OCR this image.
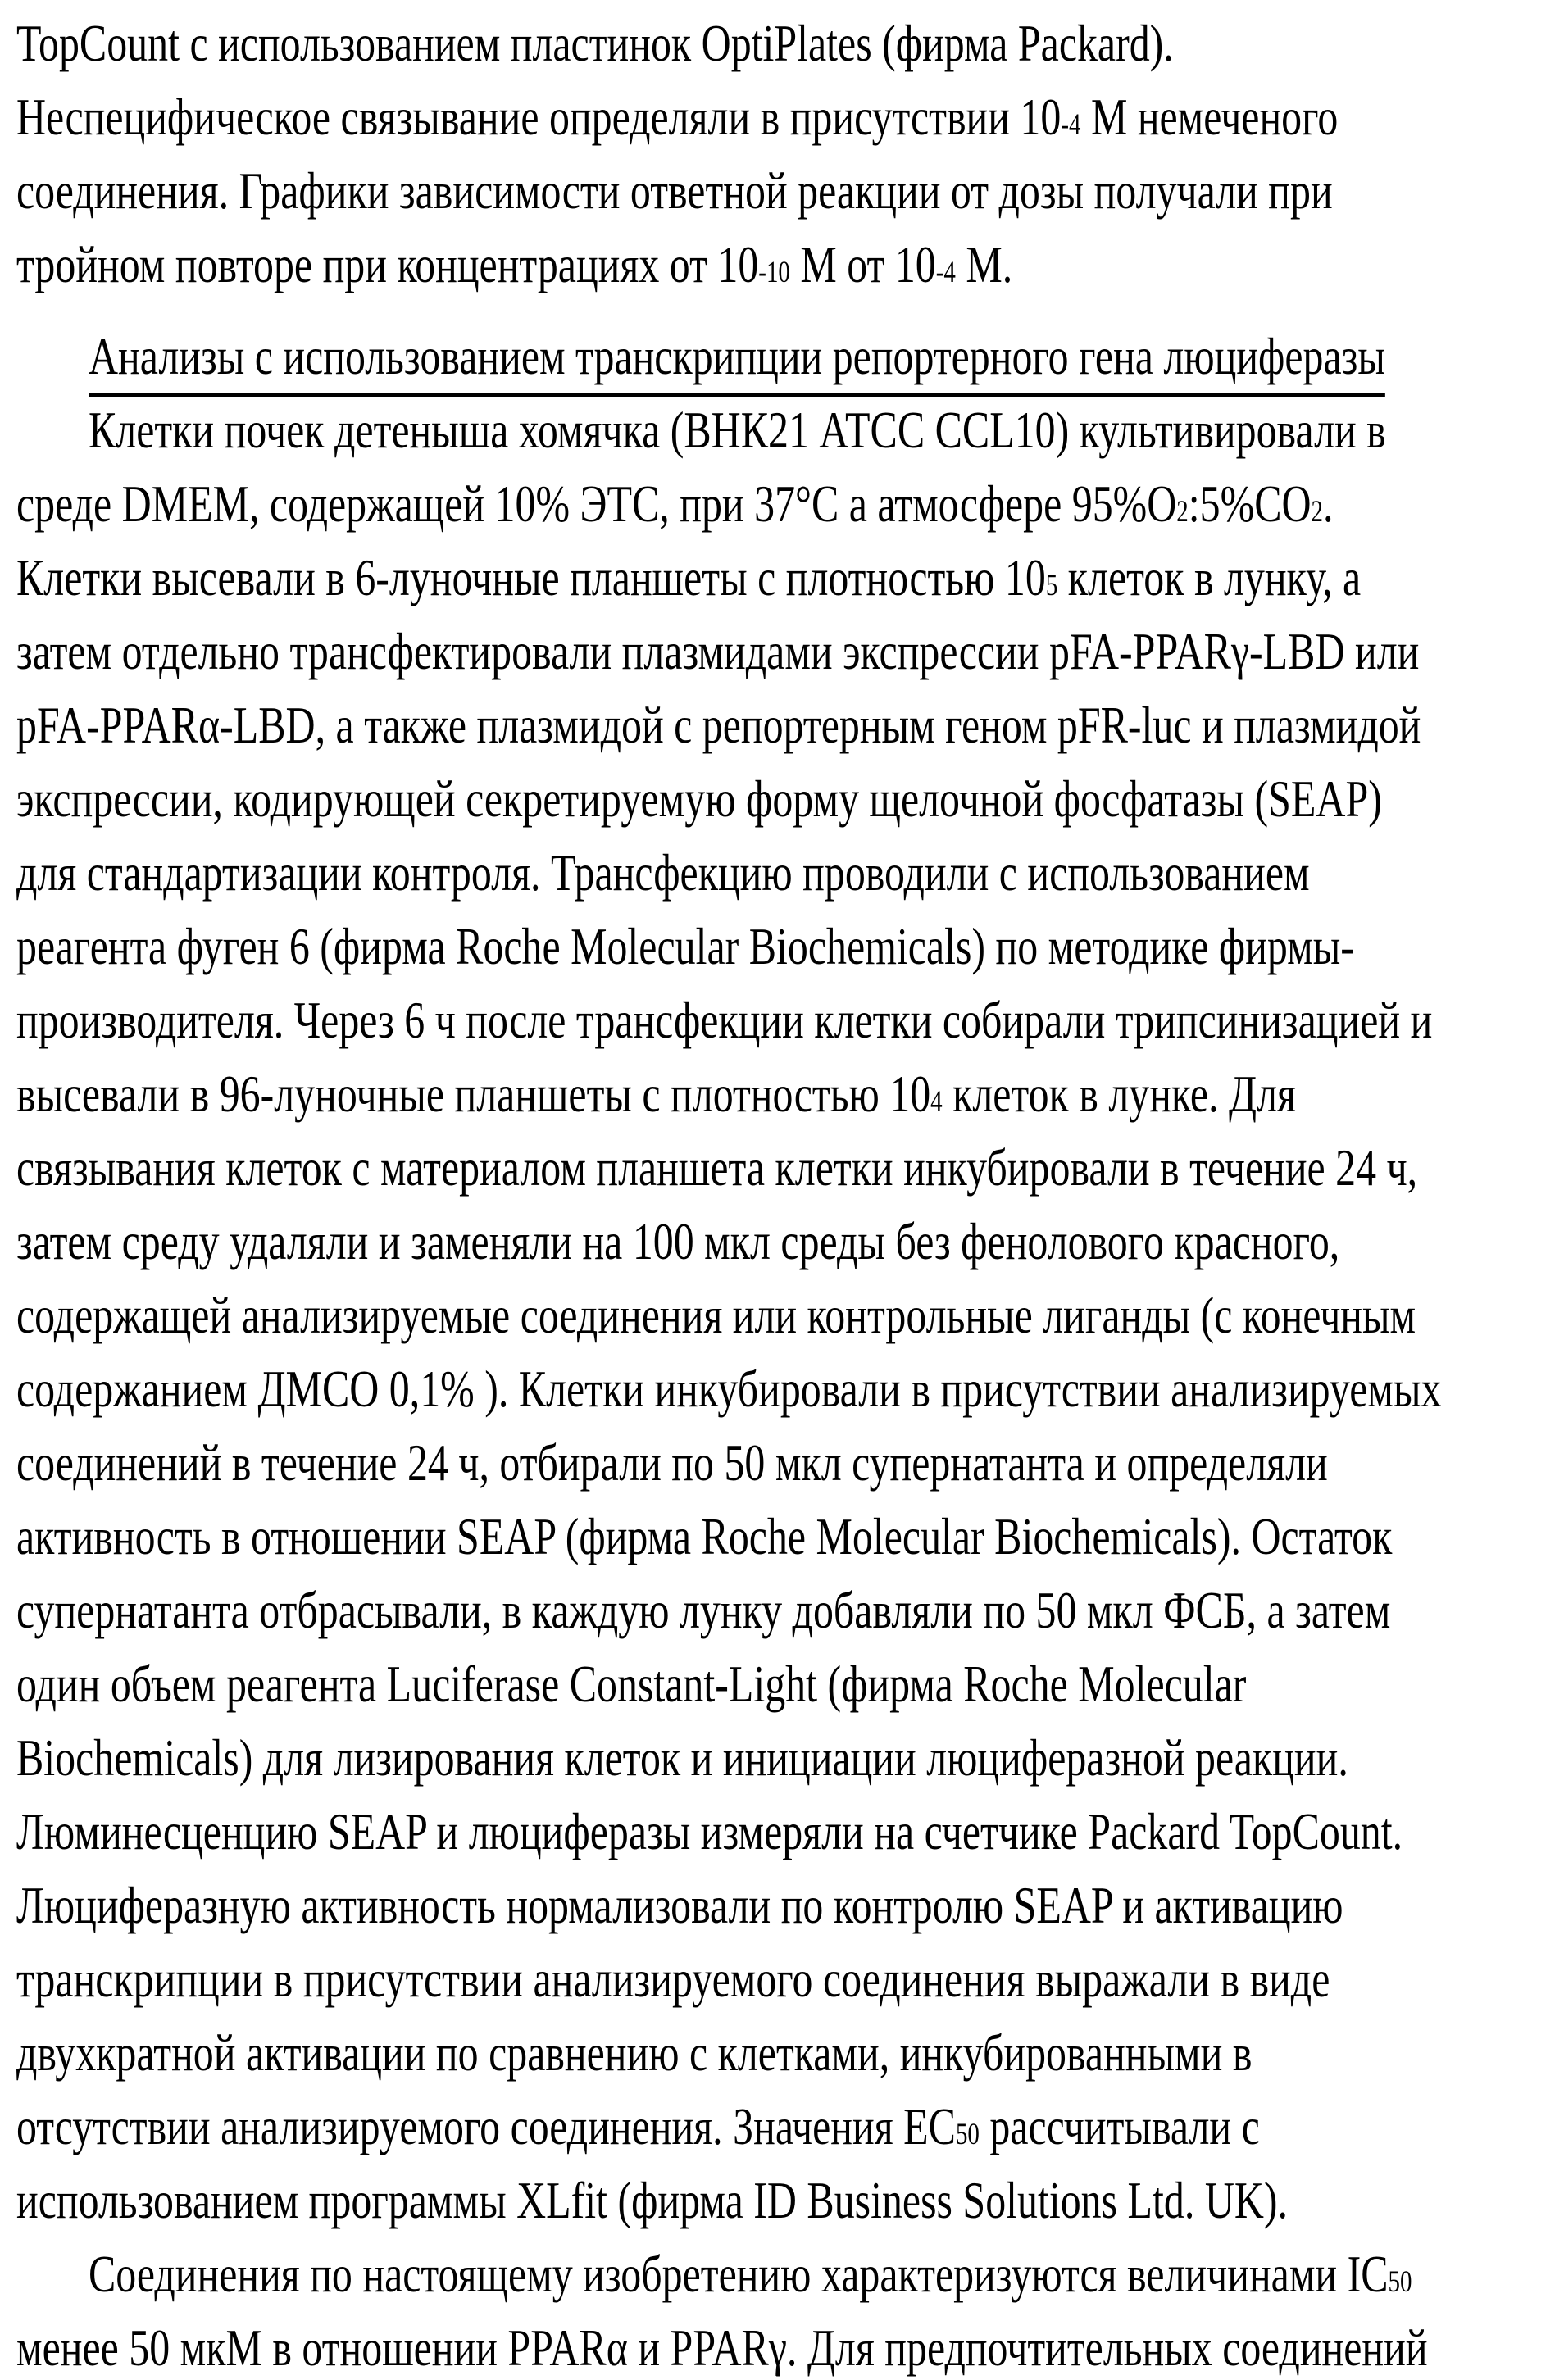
TopCount с использованием пластинок OptiPlates (фирма Packard).
Неспецифическое связывание определяли в присутствии $10^{-4}$ М немеченого
соединения. Графики зависимости ответной реакции от дозы получали при
тройном повторе при концентрациях от $10^{-10}$ М от $10^{-4}$ М.
Анализы с использованием транскрипции репортерного гена люциферазы
Клетки почек детеныша хомячка (ВНК21 АТСС CCL10) культивировали в
среде DMEM, содержащей 10% ЭТС, при 37°С а атмосфере $95\%О_2:5\%СО_2$.
Клетки высевали в 6-луночные планшеты с плотностью $10^5$ клеток в лунку, а
затем отдельно трансфектировали плазмидами экспрессии pFA-PPARγ-LBD или
pFA-PPARα-LBD, а также плазмидой с репортерным геном pFR-luc и плазмидой
экспрессии, кодирующей секретируемую форму щелочной фосфатазы (SEAP)
для стандартизации контроля. Трансфекцию проводили с использованием
реагента фуген 6 (фирма Roche Molecular Biochemicals) по методике фирмы-
производителя. Через 6 ч после трансфекции клетки собирали трипсинизацией и
высевали в 96-луночные планшеты с плотностью $10^4$ клеток в лунке. Для
связывания клеток с материалом планшета клетки инкубировали в течение 24 ч,
затем среду удаляли и заменяли на 100 мкл среды без фенолового красного,
содержащей анализируемые соединения или контрольные лиганды (с конечным
содержанием ДМСО 0,1% ). Клетки инкубировали в присутствии анализируемых
соединений в течение 24 ч, отбирали по 50 мкл супернатанта и определяли
активность в отношении SEAP (фирма Roche Molecular Biochemicals). Остаток
супернатанта отбрасывали, в каждую лунку добавляли по 50 мкл ФСБ, а затем
один объем реагента Luciferase Constant-Light (фирма Roche Molecular
Biochemicals) для лизирования клеток и инициации люциферазной реакции.
Люминесценцию SEAP и люциферазы измеряли на счетчике Packard TopCount.
Люциферазную активность нормализовали по контролю SEAP и активацию
транскрипции в присутствии анализируемого соединения выражали в виде
двухкратной активации по сравнению с клетками, инкубированными в
отсутствии анализируемого соединения. Значения $ЕС_{50}$ рассчитывали с
использованием программы XLfit (фирма ID Business Solutions Ltd. UK).
Соединения по настоящему изобретению характеризуются величинами $IC_{50}$
менее 50 мкМ в отношении PPARα и PPARγ. Для предпочтительных соединений
